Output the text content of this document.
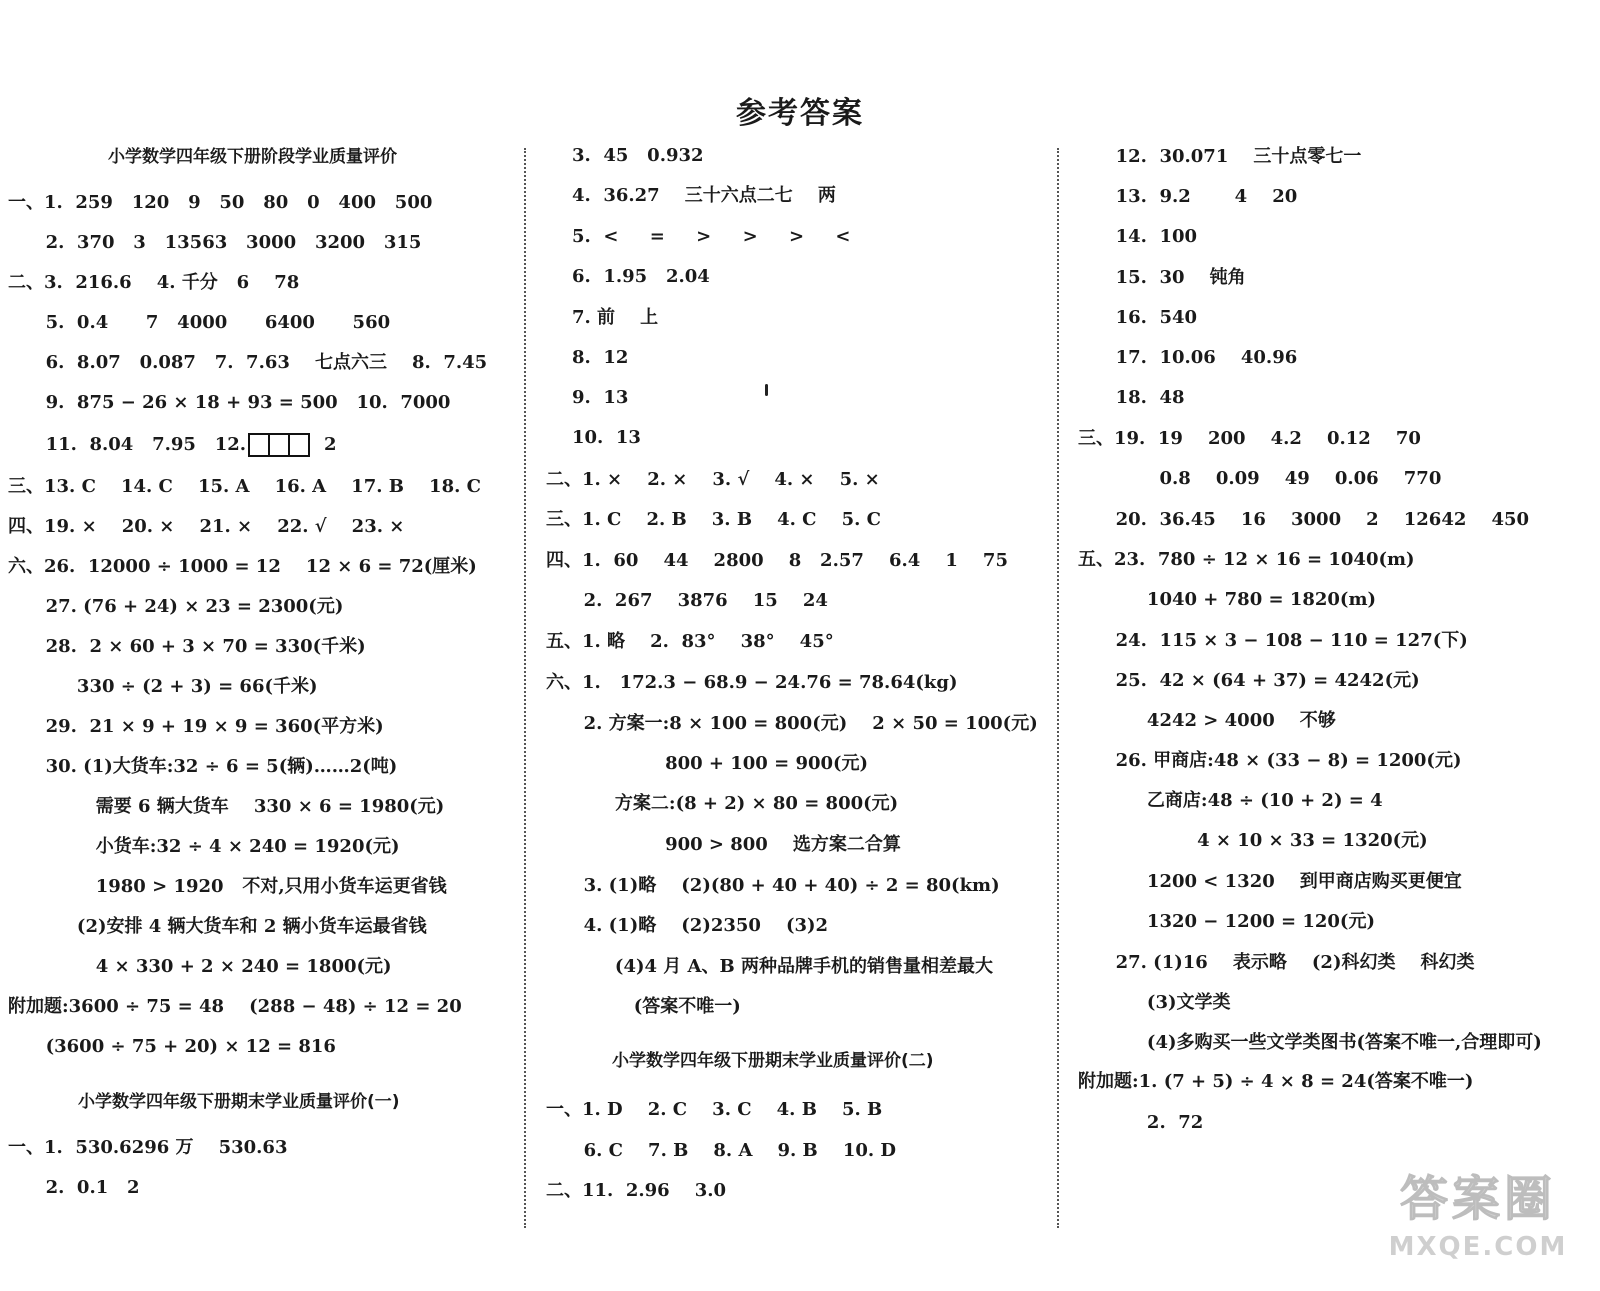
参考答案
小学数学四年级下册阶段学业质量评价
一、1.  259   120   9   50   80   0   400   500
2.  370   3   13563   3000   3200   315
二、3.  216.6    4. 千分   6    78
5.  0.4      7   4000      6400      560
6.  8.07   0.087   7.  7.63    七点六三    8.  7.45
9.  875 − 26 × 18 + 93 = 500   10.  7000
11.  8.04   7.95   12.	2
三、13. C    14. C    15. A    16. A    17. B    18. C
四、19. ×    20. ×    21. ×    22. √    23. ×
六、26.  12000 ÷ 1000 = 12    12 × 6 = 72(厘米)
27. (76 + 24) × 23 = 2300(元)
28.  2 × 60 + 3 × 70 = 330(千米)
330 ÷ (2 + 3) = 66(千米)
29.  21 × 9 + 19 × 9 = 360(平方米)
30. (1)大货车:32 ÷ 6 = 5(辆)……2(吨)
需要 6 辆大货车    330 × 6 = 1980(元)
小货车:32 ÷ 4 × 240 = 1920(元)
1980 > 1920   不对,只用小货车运更省钱
(2)安排 4 辆大货车和 2 辆小货车运最省钱
4 × 330 + 2 × 240 = 1800(元)
附加题:3600 ÷ 75 = 48    (288 − 48) ÷ 12 = 20
(3600 ÷ 75 + 20) × 12 = 816
小学数学四年级下册期末学业质量评价(一)
一、1.  530.6296 万    530.63
2.  0.1   2
3.  45   0.932
4.  36.27    三十六点二七    两
5.  <     =     >     >     >     <
6.  1.95   2.04
7. 前    上
8.  12
9.  13
10.  13
二、1. ×    2. ×    3. √    4. ×    5. ×
三、1. C    2. B    3. B    4. C    5. C
四、1.  60    44    2800    8   2.57    6.4    1    75
2.  267    3876    15    24
五、1. 略    2.  83°    38°    45°
六、1.   172.3 − 68.9 − 24.76 = 78.64(kg)
2. 方案一:8 × 100 = 800(元)    2 × 50 = 100(元)
800 + 100 = 900(元)
方案二:(8 + 2) × 80 = 800(元)
900 > 800    选方案二合算
3. (1)略    (2)(80 + 40 + 40) ÷ 2 = 80(km)
4. (1)略    (2)2350    (3)2
(4)4 月 A、B 两种品牌手机的销售量相差最大
(答案不唯一)
小学数学四年级下册期末学业质量评价(二)
一、1. D    2. C    3. C    4. B    5. B
6. C    7. B    8. A    9. B    10. D
二、11.  2.96    3.0
12.  30.071    三十点零七一
13.  9.2       4    20
14.  100
15.  30    钝角
16.  540
17.  10.06    40.96
18.  48
三、19.  19    200    4.2    0.12    70
0.8    0.09    49    0.06    770
20.  36.45    16    3000    2    12642    450
五、23.  780 ÷ 12 × 16 = 1040(m)
1040 + 780 = 1820(m)
24.  115 × 3 − 108 − 110 = 127(下)
25.  42 × (64 + 37) = 4242(元)
4242 > 4000    不够
26. 甲商店:48 × (33 − 8) = 1200(元)
乙商店:48 ÷ (10 + 2) = 4
4 × 10 × 33 = 1320(元)
1200 < 1320    到甲商店购买更便宜
1320 − 1200 = 120(元)
27. (1)16    表示略    (2)科幻类    科幻类
(3)文学类
(4)多购买一些文学类图书(答案不唯一,合理即可)
附加题:1. (7 + 5) ÷ 4 × 8 = 24(答案不唯一)
2.  72
答案圈
MXQE.COM
